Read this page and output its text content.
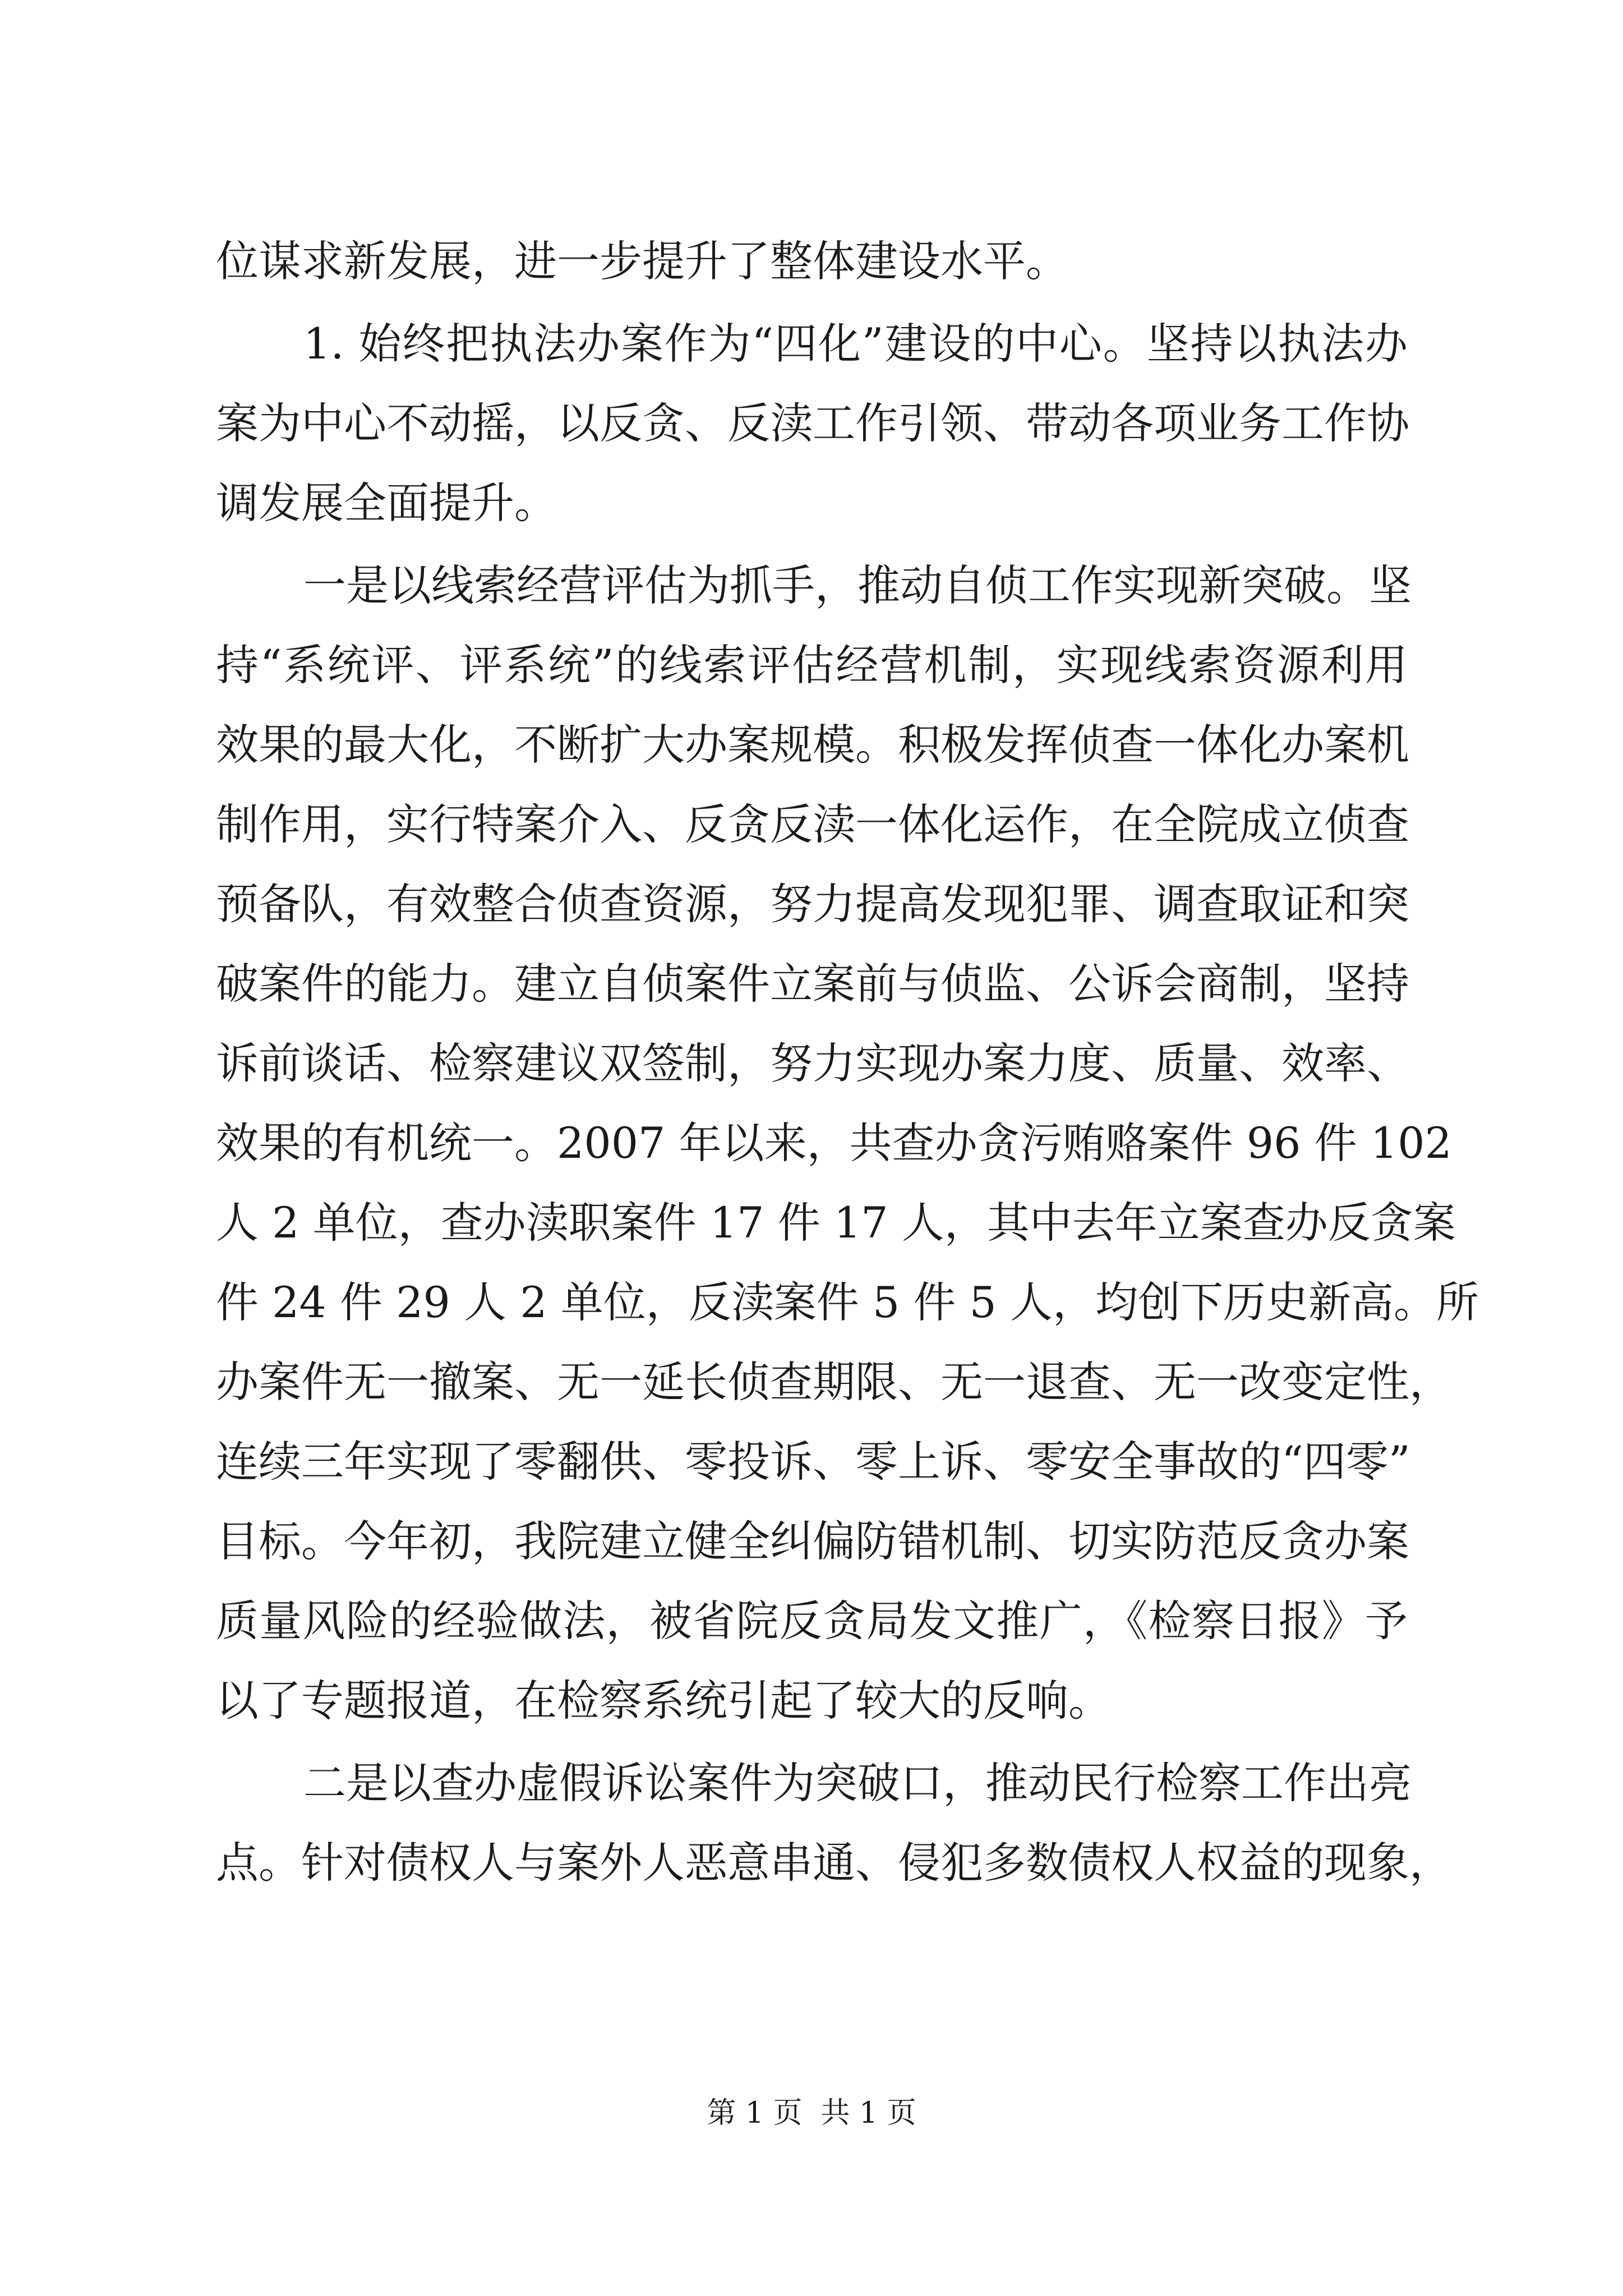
位谋求新发展，进一步提升了整体建设水平。
1. 始终把执法办案作为“四化”建设的中心。坚持以执法办
案为中心不动摇，以反贪、反渎工作引领、带动各项业务工作协
调发展全面提升。
一是以线索经营评估为抓手，推动自侦工作实现新突破。坚
持“系统评、评系统”的线索评估经营机制，实现线索资源利用
效果的最大化，不断扩大办案规模。积极发挥侦查一体化办案机
制作用，实行特案介入、反贪反渎一体化运作，在全院成立侦查
预备队，有效整合侦查资源，努力提高发现犯罪、调查取证和突
破案件的能力。建立自侦案件立案前与侦监、公诉会商制，坚持
诉前谈话、检察建议双签制，努力实现办案力度、质量、效率、
效果的有机统一。2007 年以来，共查办贪污贿赂案件 96 件 102
人 2 单位，查办渎职案件 17 件 17 人，其中去年立案查办反贪案
件 24 件 29 人 2 单位，反渎案件 5 件 5 人，均创下历史新高。所
办案件无一撤案、无一延长侦查期限、无一退查、无一改变定性，
连续三年实现了零翻供、零投诉、零上诉、零安全事故的“四零”
目标。今年初，我院建立健全纠偏防错机制、切实防范反贪办案
质量风险的经验做法，被省院反贪局发文推广，《检察日报》予
以了专题报道，在检察系统引起了较大的反响。
二是以查办虚假诉讼案件为突破口，推动民行检察工作出亮
点。针对债权人与案外人恶意串通、侵犯多数债权人权益的现象，
第 1 页  共 1 页
